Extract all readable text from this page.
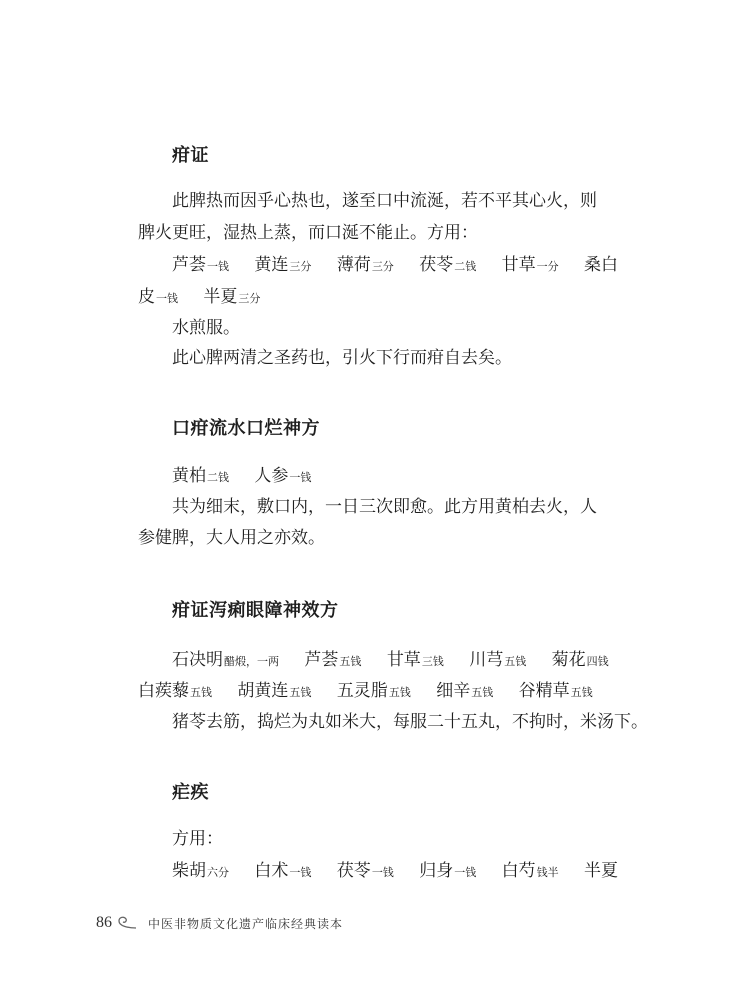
疳证

此脾热而因乎心热也，遂至口中流涎，若不平其心火，则

脾火更旺，湿热上蒸，而口涎不能止。方用：

芦荟一钱 黄连三分 薄荷三分 茯苓二钱 甘草一分 桑白

皮一钱 半夏三分

水煎服。

此心脾两清之圣药也，引火下行而疳自去矣。

口疳流水口烂神方

黄柏二钱 人参一钱

共为细末，敷口内，一日三次即愈。此方用黄柏去火，人

参健脾，大人用之亦效。

疳证泻痢眼障神效方

石决明醋煅，一两 芦荟五钱 甘草三钱 川芎五钱 菊花四钱

白蒺藜五钱 胡黄连五钱 五灵脂五钱 细辛五钱 谷精草五钱

猪苓去筋，捣烂为丸如米大，每服二十五丸，不拘时，米汤下。

疟疾

方用：

柴胡六分 白术一钱 茯苓一钱 归身一钱 白芍钱半 半夏

86	中医非物质文化遗产临床经典读本
